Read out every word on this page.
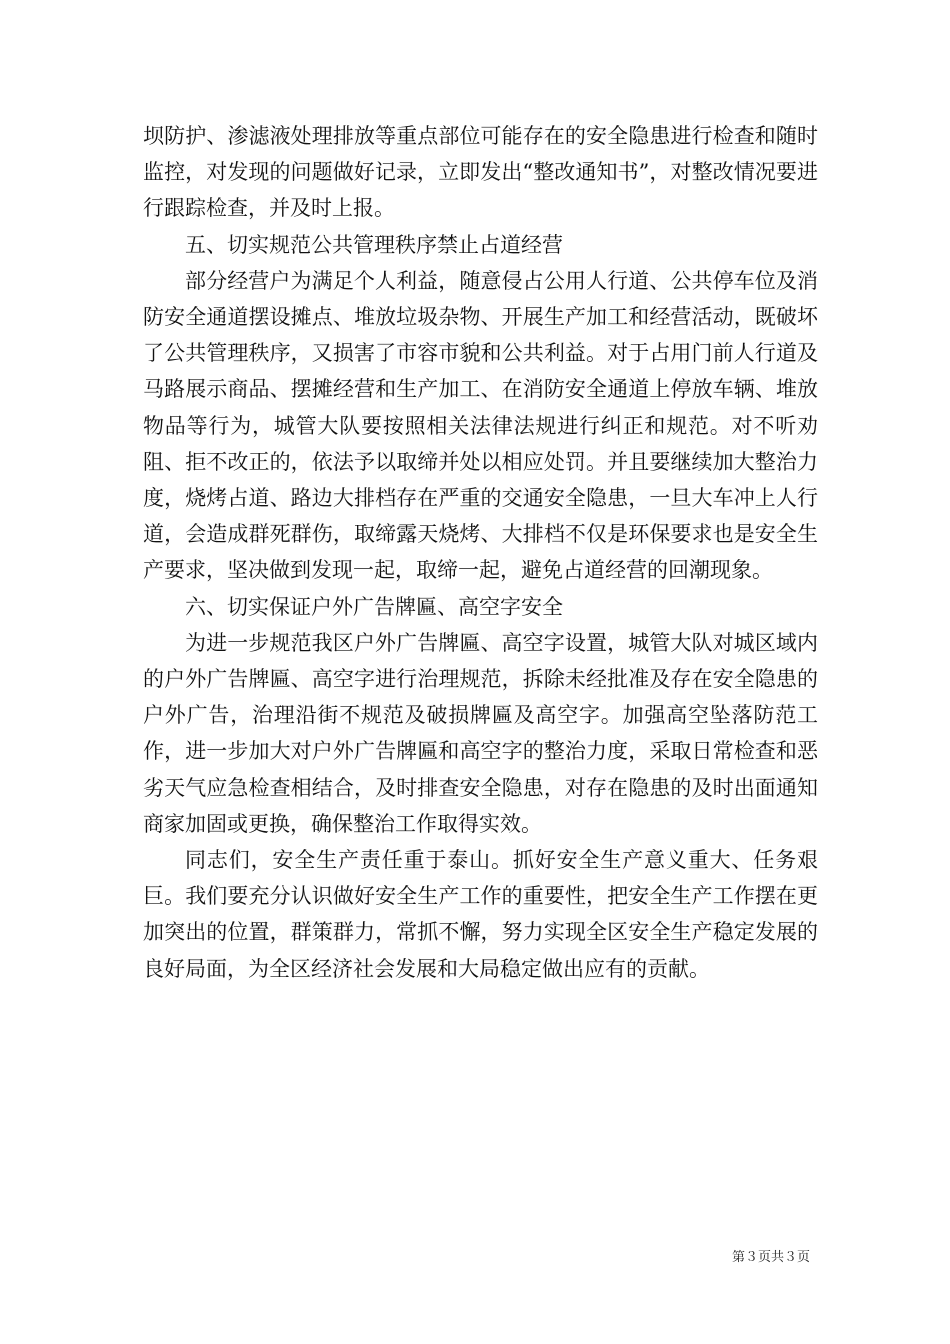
坝防护、渗滤液处理排放等重点部位可能存在的安全隐患进行检查和随时监控，对发现的问题做好记录，立即发出“整改通知书”，对整改情况要进行跟踪检查，并及时上报。

五、切实规范公共管理秩序禁止占道经营

部分经营户为满足个人利益，随意侵占公用人行道、公共停车位及消防安全通道摆设摊点、堆放垃圾杂物、开展生产加工和经营活动，既破坏了公共管理秩序，又损害了市容市貌和公共利益。对于占用门前人行道及马路展示商品、摆摊经营和生产加工、在消防安全通道上停放车辆、堆放物品等行为，城管大队要按照相关法律法规进行纠正和规范。对不听劝阻、拒不改正的，依法予以取缔并处以相应处罚。并且要继续加大整治力度，烧烤占道、路边大排档存在严重的交通安全隐患，一旦大车冲上人行道，会造成群死群伤，取缔露天烧烤、大排档不仅是环保要求也是安全生产要求，坚决做到发现一起，取缔一起，避免占道经营的回潮现象。

六、切实保证户外广告牌匾、高空字安全

为进一步规范我区户外广告牌匾、高空字设置，城管大队对城区域内的户外广告牌匾、高空字进行治理规范，拆除未经批准及存在安全隐患的户外广告，治理沿街不规范及破损牌匾及高空字。加强高空坠落防范工作，进一步加大对户外广告牌匾和高空字的整治力度，采取日常检查和恶劣天气应急检查相结合，及时排查安全隐患，对存在隐患的及时出面通知商家加固或更换，确保整治工作取得实效。

同志们，安全生产责任重于泰山。抓好安全生产意义重大、任务艰巨。我们要充分认识做好安全生产工作的重要性，把安全生产工作摆在更加突出的位置，群策群力，常抓不懈，努力实现全区安全生产稳定发展的良好局面，为全区经济社会发展和大局稳定做出应有的贡献。

第３页共３页
